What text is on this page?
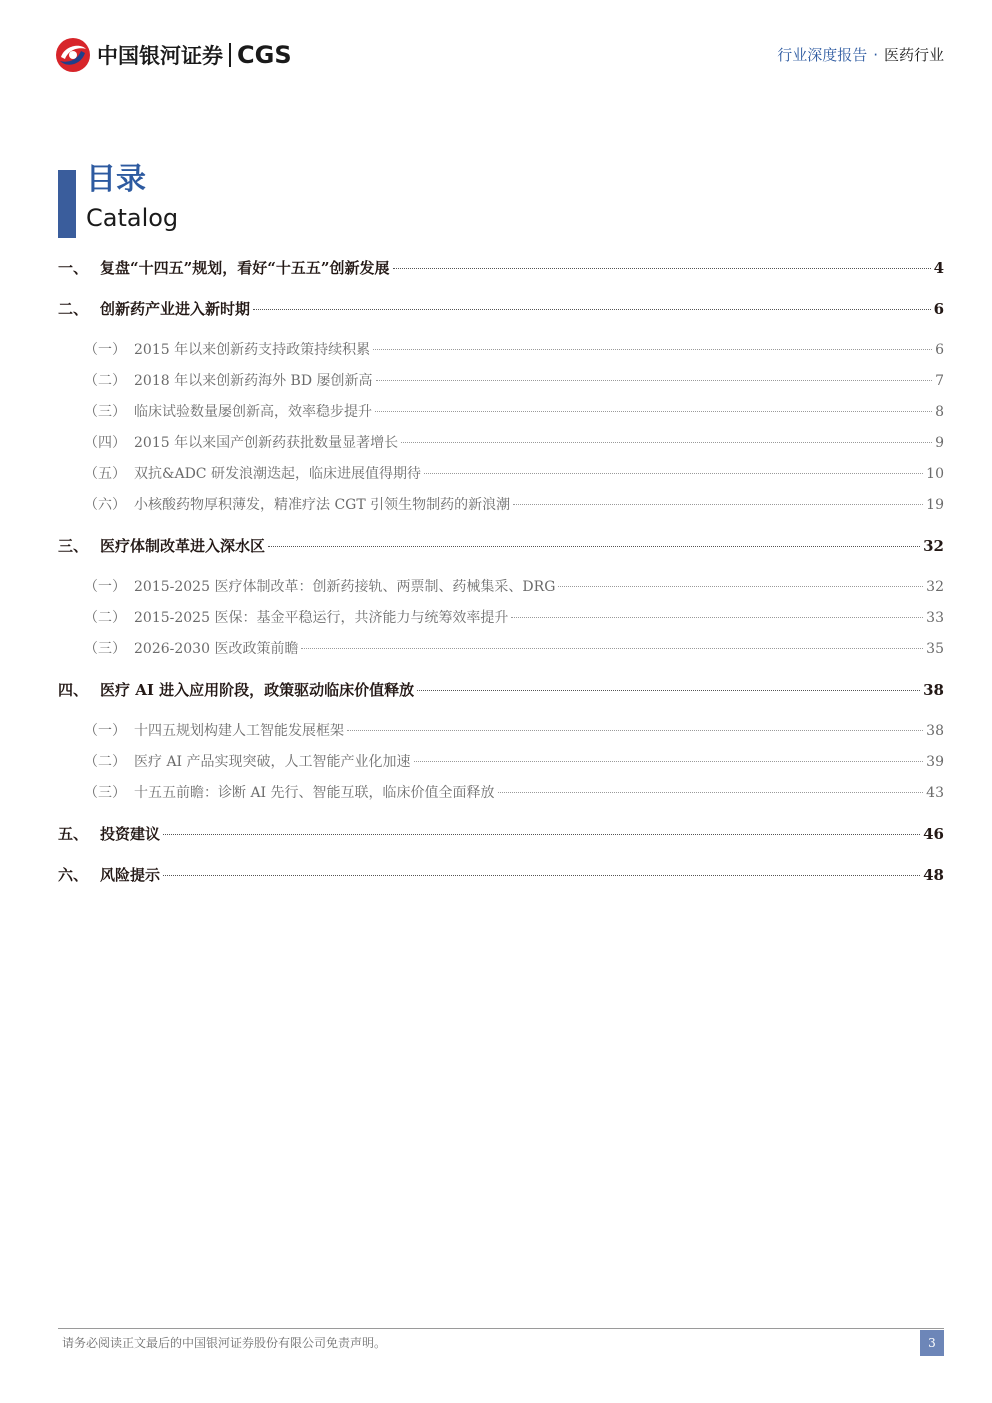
中国银河证券 CGS	行业深度报告 · 医药行业
目录
Catalog
一、 复盘“十四五”规划，看好“十五五”创新发展	4
二、 创新药产业进入新时期	6
（一） 2015 年以来创新药支持政策持续积累	6
（二） 2018 年以来创新药海外 BD 屡创新高	7
（三） 临床试验数量屡创新高，效率稳步提升	8
（四） 2015 年以来国产创新药获批数量显著增长	9
（五） 双抗&ADC 研发浪潮迭起，临床进展值得期待	10
（六） 小核酸药物厚积薄发，精准疗法 CGT 引领生物制药的新浪潮	19
三、 医疗体制改革进入深水区	32
（一） 2015-2025 医疗体制改革：创新药接轨、两票制、药械集采、DRG	32
（二） 2015-2025 医保：基金平稳运行，共济能力与统筹效率提升	33
（三） 2026-2030 医改政策前瞻	35
四、 医疗 AI 进入应用阶段，政策驱动临床价值释放	38
（一） 十四五规划构建人工智能发展框架	38
（二） 医疗 AI 产品实现突破，人工智能产业化加速	39
（三） 十五五前瞻：诊断 AI 先行、智能互联，临床价值全面释放	43
五、 投资建议	46
六、 风险提示	48
请务必阅读正文最后的中国银河证券股份有限公司免责声明。	3
